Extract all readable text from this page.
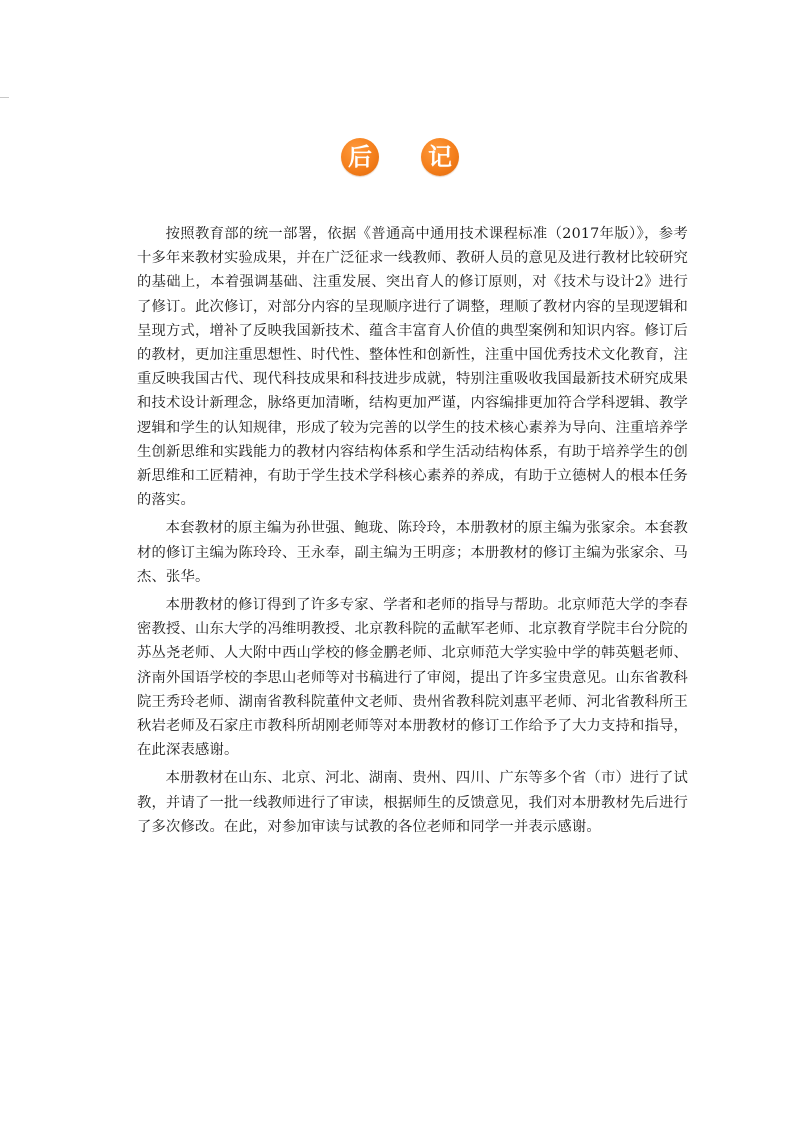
后 记

按照教育部的统一部署，依据《普通高中通用技术课程标准（2017年版）》，参考十多年来教材实验成果，并在广泛征求一线教师、教研人员的意见及进行教材比较研究的基础上，本着强调基础、注重发展、突出育人的修订原则，对《技术与设计2》进行了修订。此次修订，对部分内容的呈现顺序进行了调整，理顺了教材内容的呈现逻辑和呈现方式，增补了反映我国新技术、蕴含丰富育人价值的典型案例和知识内容。修订后的教材，更加注重思想性、时代性、整体性和创新性，注重中国优秀技术文化教育，注重反映我国古代、现代科技成果和科技进步成就，特别注重吸收我国最新技术研究成果和技术设计新理念，脉络更加清晰，结构更加严谨，内容编排更加符合学科逻辑、教学逻辑和学生的认知规律，形成了较为完善的以学生的技术核心素养为导向、注重培养学生创新思维和实践能力的教材内容结构体系和学生活动结构体系，有助于培养学生的创新思维和工匠精神，有助于学生技术学科核心素养的养成，有助于立德树人的根本任务的落实。

本套教材的原主编为孙世强、鲍珑、陈玲玲，本册教材的原主编为张家余。本套教材的修订主编为陈玲玲、王永奉，副主编为王明彦；本册教材的修订主编为张家余、马杰、张华。

本册教材的修订得到了许多专家、学者和老师的指导与帮助。北京师范大学的李春密教授、山东大学的冯维明教授、北京教科院的孟献军老师、北京教育学院丰台分院的苏丛尧老师、人大附中西山学校的修金鹏老师、北京师范大学实验中学的韩英魁老师、济南外国语学校的李思山老师等对书稿进行了审阅，提出了许多宝贵意见。山东省教科院王秀玲老师、湖南省教科院董仲文老师、贵州省教科院刘惠平老师、河北省教科所王秋岩老师及石家庄市教科所胡刚老师等对本册教材的修订工作给予了大力支持和指导，在此深表感谢。

本册教材在山东、北京、河北、湖南、贵州、四川、广东等多个省（市）进行了试教，并请了一批一线教师进行了审读，根据师生的反馈意见，我们对本册教材先后进行了多次修改。在此，对参加审读与试教的各位老师和同学一并表示感谢。
